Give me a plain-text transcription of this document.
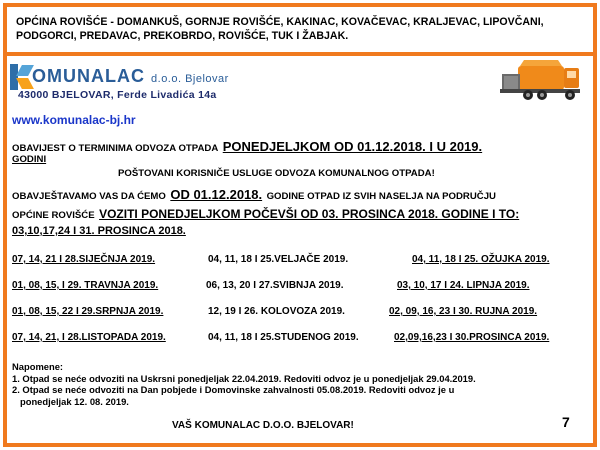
OPĆINA ROVIŠĆE - DOMANKUŠ, GORNJE ROVIŠĆE, KAKINAC, KOVAČEVAC, KRALJEVAC, LIPOVČANI,
PODGORCI, PREDAVAC, PREKOBRDO, ROVIŠĆE, TUK I ŽABJAK.
OMUNALAC d.o.o. Bjelovar
43000 BJELOVAR, Ferde Livadića 14a
www.komunalac-bj.hr
OBAVIJEST O TERMINIMA ODVOZA OTPADA PONEDJELJKOM OD 01.12.2018. I U 2019.
GODINI
POŠTOVANI KORISNIČE USLUGE ODVOZA KOMUNALNOG OTPADA!
OBAVJEŠTAVAMO VAS DA ĆEMO OD 01.12.2018. GODINE OTPAD IZ SVIH NASELJA NA PODRUČJU
OPĆINE ROVIŠĆE VOZITI PONEDJELJKOM POČEVŠI OD 03. PROSINCA 2018. GODINE I TO:
03,10,17,24 I 31. PROSINCA 2018.
07, 14, 21 I 28.SIJEČNJA 2019.	04, 11, 18 I 25.VELJAČE 2019.	04, 11, 18 I 25. OŽUJKA 2019.
01, 08, 15, I 29. TRAVNJA 2019.	06, 13, 20 I 27.SVIBNJA 2019.	03, 10, 17 I 24. LIPNJA 2019.
01, 08, 15, 22 I 29.SRPNJA 2019.	12, 19 I 26. KOLOVOZA 2019.	02, 09, 16, 23 I 30. RUJNA 2019.
07, 14, 21, I 28.LISTOPADA 2019.	04, 11, 18 I 25.STUDENOG 2019.	02,09,16,23 I 30.PROSINCA 2019.
Napomene:
1. Otpad se neće odvoziti na Uskrsni ponedjeljak 22.04.2019. Redoviti odvoz je u ponedjeljak 29.04.2019.
2. Otpad se neće odvoziti na Dan pobjede i Domovinske zahvalnosti 05.08.2019. Redoviti odvoz je u
ponedjeljak 12. 08. 2019.
VAŠ KOMUNALAC D.O.O. BJELOVAR!	7
